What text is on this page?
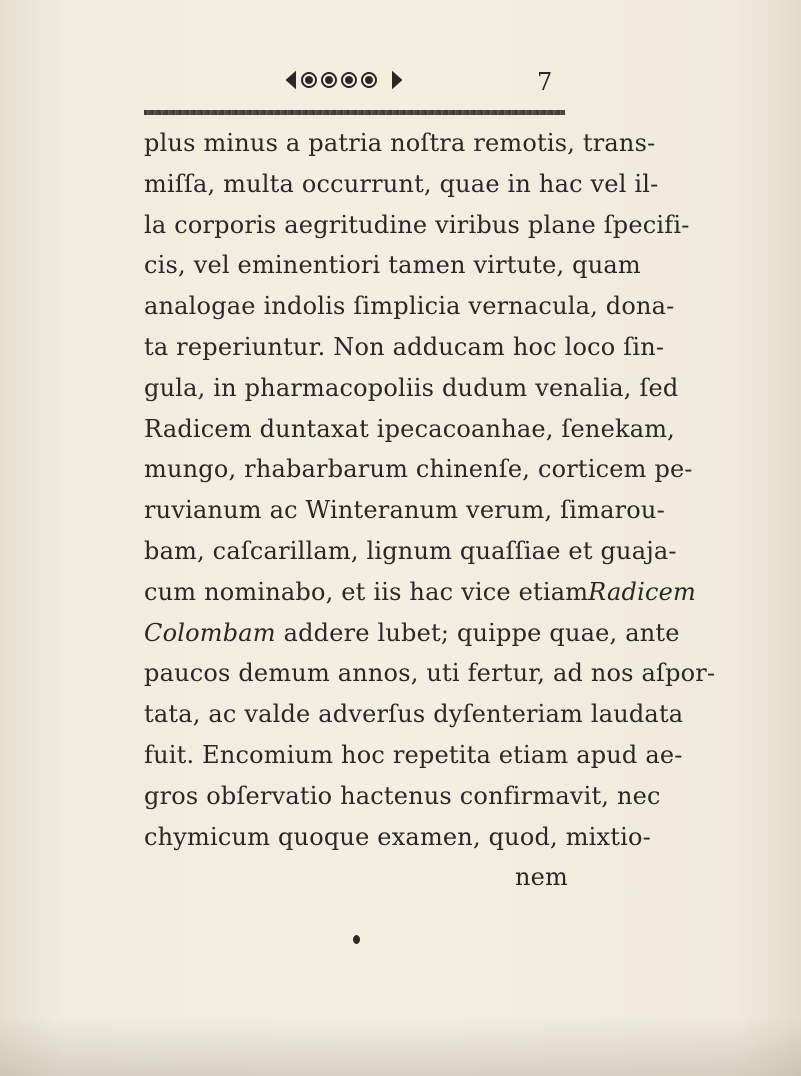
7
plus minus a patria noſtra remotis, trans-
miſſa, multa occurrunt, quae in hac vel il-
la corporis aegritudine viribus plane ſpecifi-
cis, vel eminentiori tamen virtute, quam
analogae indolis ſimplicia vernacula, dona-
ta reperiuntur. Non adducam hoc loco ſin-
gula, in pharmacopoliis dudum venalia, ſed
Radicem duntaxat ipecacoanhae, ſenekam,
mungo, rhabarbarum chinenſe, corticem pe-
ruvianum ac Winteranum verum, ſimarou-
bam, caſcarillam, lignum quaſſiae et guaja-
cum nominabo, et iis hac vice etiamRadicem
Colombam addere lubet; quippe quae, ante
paucos demum annos, uti fertur, ad nos aſpor-
tata, ac valde adverſus dyſenteriam laudata
fuit. Encomium hoc repetita etiam apud ae-
gros obſervatio hactenus confirmavit, nec
chymicum quoque examen, quod, mixtio-
nem
